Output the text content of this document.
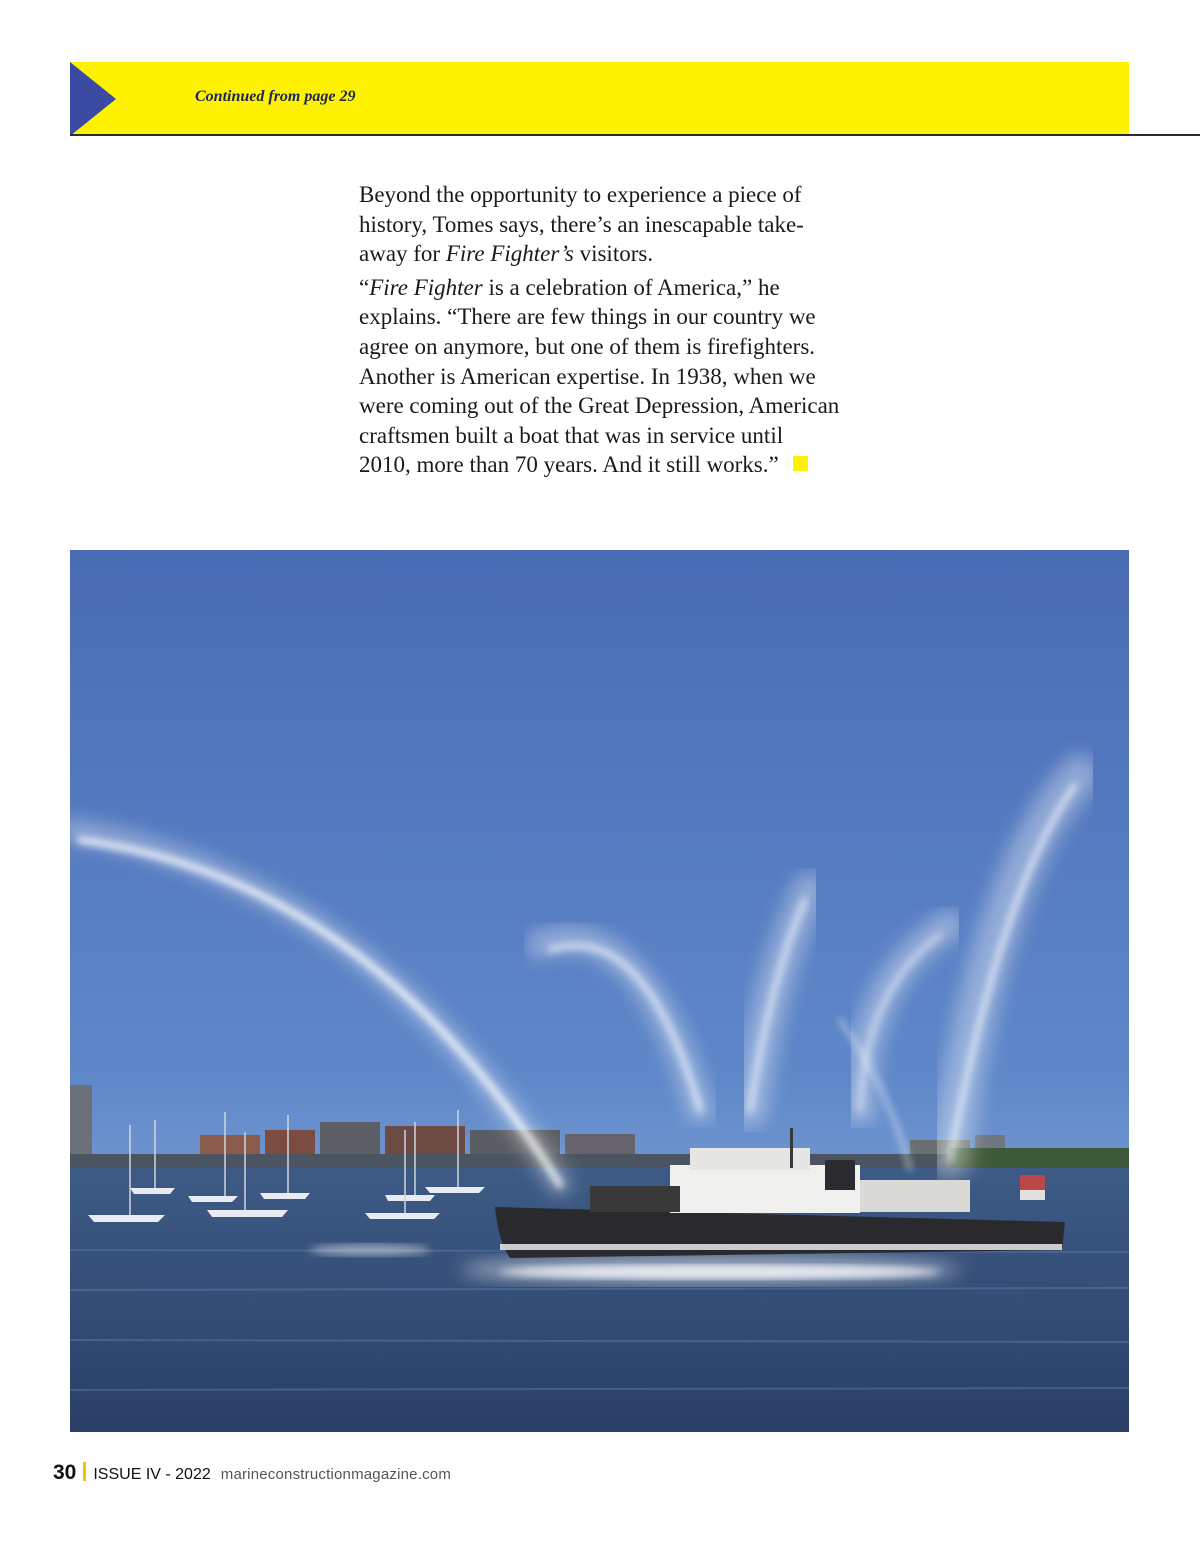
Continued from page 29

Beyond the opportunity to experience a piece of
history, Tomes says, there’s an inescapable take-
away for Fire Fighter’s visitors.

“Fire Fighter is a celebration of America,” he
explains. “There are few things in our country we
agree on anymore, but one of them is firefighters.
Another is American expertise. In 1938, when we
were coming out of the Great Depression, American
craftsmen built a boat that was in service until
2010, more than 70 years. And it still works.”

30 ISSUE IV - 2022 marineconstructionmagazine.com
